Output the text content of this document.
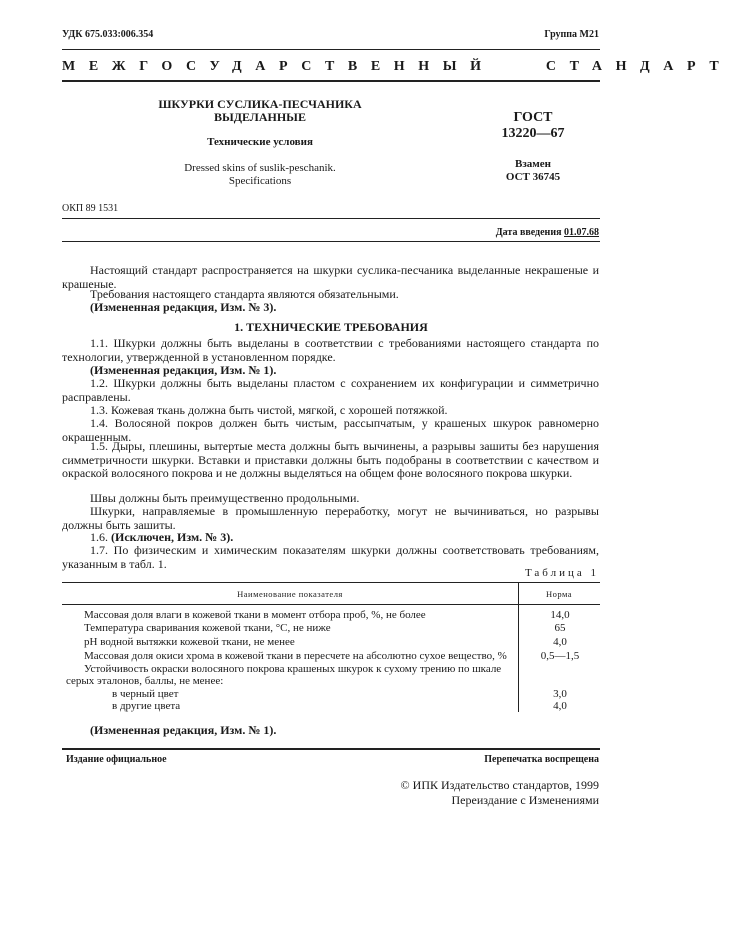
УДК 675.033:006.354	Группа М21
МЕЖГОСУДАРСТВЕННЫЙ   СТАНДАРТ
ШКУРКИ СУСЛИКА-ПЕСЧАНИКА
ВЫДЕЛАННЫЕ
Технические условия
Dressed skins of suslik-peschanik.
Specifications
ГОСТ
13220—67
Взамен
ОСТ 36745
ОКП 89 1531
Дата введения 01.07.68
Настоящий стандарт распространяется на шкурки суслика-песчаника выделанные некрашеные и крашеные.
Требования настоящего стандарта являются обязательными.
(Измененная редакция, Изм. № 3).
1. ТЕХНИЧЕСКИЕ ТРЕБОВАНИЯ
1.1. Шкурки должны быть выделаны в соответствии с требованиями настоящего стандарта по технологии, утвержденной в установленном порядке.
(Измененная редакция, Изм. № 1).
1.2. Шкурки должны быть выделаны пластом с сохранением их конфигурации и симметрично расправлены.
1.3. Кожевая ткань должна быть чистой, мягкой, с хорошей потяжкой.
1.4. Волосяной покров должен быть чистым, рассыпчатым, у крашеных шкурок равномерно окрашенным.
1.5. Дыры, плешины, вытертые места должны быть вычинены, а разрывы зашиты без нарушения симметричности шкурки. Вставки и приставки должны быть подобраны в соответствии с качеством и окраской волосяного покрова и не должны выделяться на общем фоне волосяного покрова шкурки.
Швы должны быть преимущественно продольными.
Шкурки, направляемые в промышленную переработку, могут не вычиниваться, но разрывы должны быть зашиты.
1.6. (Исключен, Изм. № 3).
1.7. По физическим и химическим показателям шкурки должны соответствовать требованиям, указанным в табл. 1.
Таблица 1
Наименование показателя	Норма
Массовая доля влаги в кожевой ткани в момент отбора проб, %, не более	14,0
Температура сваривания кожевой ткани, °С, не ниже	65
pH водной вытяжки кожевой ткани, не менее	4,0
Массовая доля окиси хрома в кожевой ткани в пересчете на абсолютно сухое вещество, %	0,5—1,5
Устойчивость окраски волосяного покрова крашеных шкурок к сухому трению по шкале
серых эталонов, баллы, не менее:
в черный цвет	3,0
в другие цвета	4,0
(Измененная редакция, Изм. № 1).
Издание официальное	Перепечатка воспрещена
© ИПК Издательство стандартов, 1999
Переиздание с Изменениями
